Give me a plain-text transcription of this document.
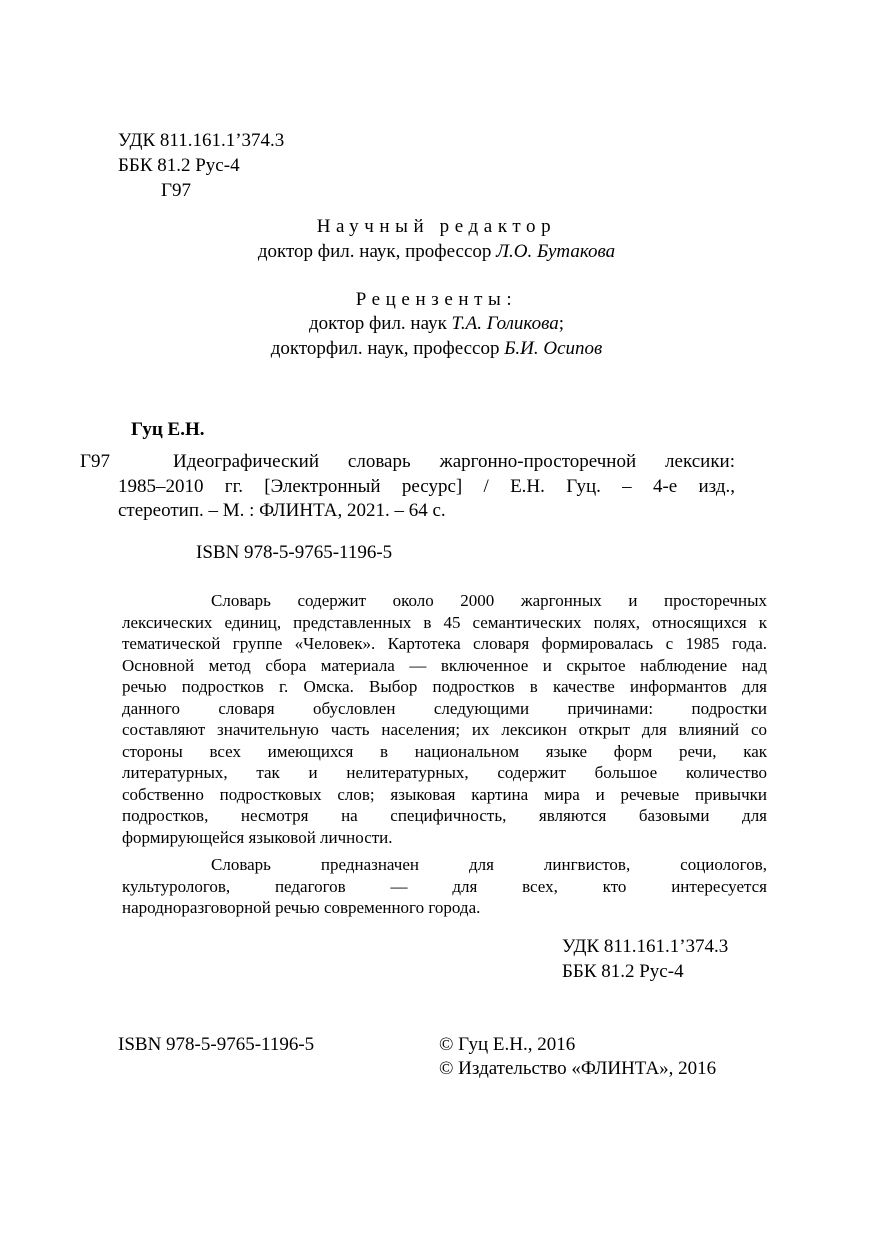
УДК 811.161.1’374.3
ББК 81.2 Рус-4
Г97
Научный редактор
доктор фил. наук, профессор Л.О. Бутакова
Рецензенты:
доктор фил. наук Т.А. Голикова;
докторфил. наук, профессор Б.И. Осипов
Гуц Е.Н.
Г97	Идеографический словарь жаргонно-просторечной лексики:
1985–2010 гг. [Электронный ресурс] / Е.Н. Гуц. – 4-е изд.,
стереотип. – М. : ФЛИНТА, 2021. – 64 с.
ISBN 978-5-9765-1196-5
Словарь содержит около 2000 жаргонных и просторечных
лексических единиц, представленных в 45 семантических полях, относящихся к
тематической группе «Человек». Картотека словаря формировалась с 1985 года.
Основной метод сбора материала — включенное и скрытое наблюдение над
речью подростков г. Омска. Выбор подростков в качестве информантов для
данного словаря обусловлен следующими причинами: подростки
составляют значительную часть населения; их лексикон открыт для влияний со
стороны всех имеющихся в национальном языке форм речи, как
литературных, так и нелитературных, содержит большое количество
собственно подростковых слов; языковая картина мира и речевые привычки
подростков, несмотря на специфичность, являются базовыми для
формирующейся языковой личности.
Словарь предназначен для лингвистов, социологов,
культурологов, педагогов — для всех, кто интересуется
народноразговорной речью современного города.
УДК 811.161.1’374.3
ББК 81.2 Рус-4
ISBN 978-5-9765-1196-5	© Гуц Е.Н., 2016
© Издательство «ФЛИНТА», 2016
